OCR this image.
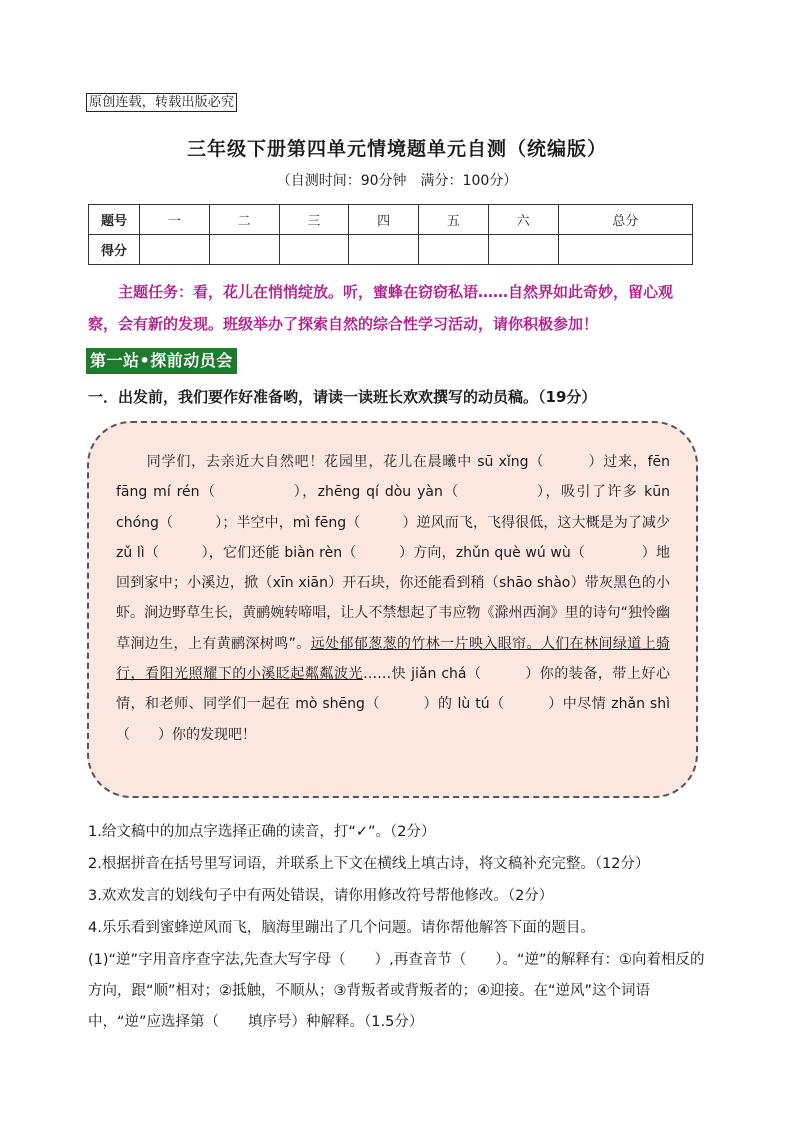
原创连载，转载出版必究
三年级下册第四单元情境题单元自测（统编版）
（自测时间：90分钟　满分：100分）
题号	一	二	三	四	五	六	总分
得分							
主题任务：看，花儿在悄悄绽放。听，蜜蜂在窃窃私语……自然界如此奇妙，留心观察，会有新的发现。班级举办了探索自然的综合性学习活动，请你积极参加！
第一站•探前动员会
一．出发前，我们要作好准备哟，请读一读班长欢欢撰写的动员稿。（19分）
同学们，去亲近大自然吧！花园里，花儿在晨曦中 sū xǐng（　　　）过来，fēn fāng mí rén（　　　　　），zhēng qí dòu yàn（　　　　　），吸引了许多 kūn chóng（　　　）；半空中，mì fēng（　　　）逆风而飞，飞得很低，这大概是为了减少 zǔ lì（　　　），它们还能 biàn rèn（　　　）方向，zhǔn què wú wù（　　　　）地回到家中；小溪边，掀（xīn xiān）开石块，你还能看到稍（shāo shào）带灰黑色的小虾。涧边野草生长，黄鹂婉转啼唱，让人不禁想起了韦应物《滁州西涧》里的诗句“独怜幽草涧边生，上有黄鹂深树鸣”。远处郁郁葱葱的竹林一片映入眼帘。人们在林间绿道上骑行，看阳光照耀下的小溪眨起粼粼波光……快 jiǎn chá（　　　）你的装备，带上好心情，和老师、同学们一起在 mò shēng（　　　）的 lù tú（　　　）中尽情 zhǎn shì（　　）你的发现吧！
1.给文稿中的加点字选择正确的读音，打“✓”。（2分）
2.根据拼音在括号里写词语，并联系上下文在横线上填古诗，将文稿补充完整。（12分）
3.欢欢发言的划线句子中有两处错误，请你用修改符号帮他修改。（2分）
4.乐乐看到蜜蜂逆风而飞，脑海里蹦出了几个问题。请你帮他解答下面的题目。
(1)“逆”字用音序查字法,先查大写字母（　　）,再查音节（　　）。“逆”的解释有：①向着相反的方向，跟“顺”相对；②抵触，不顺从；③背叛者或背叛者的；④迎接。在“逆风”这个词语中，“逆”应选择第（　　填序号）种解释。（1.5分）
